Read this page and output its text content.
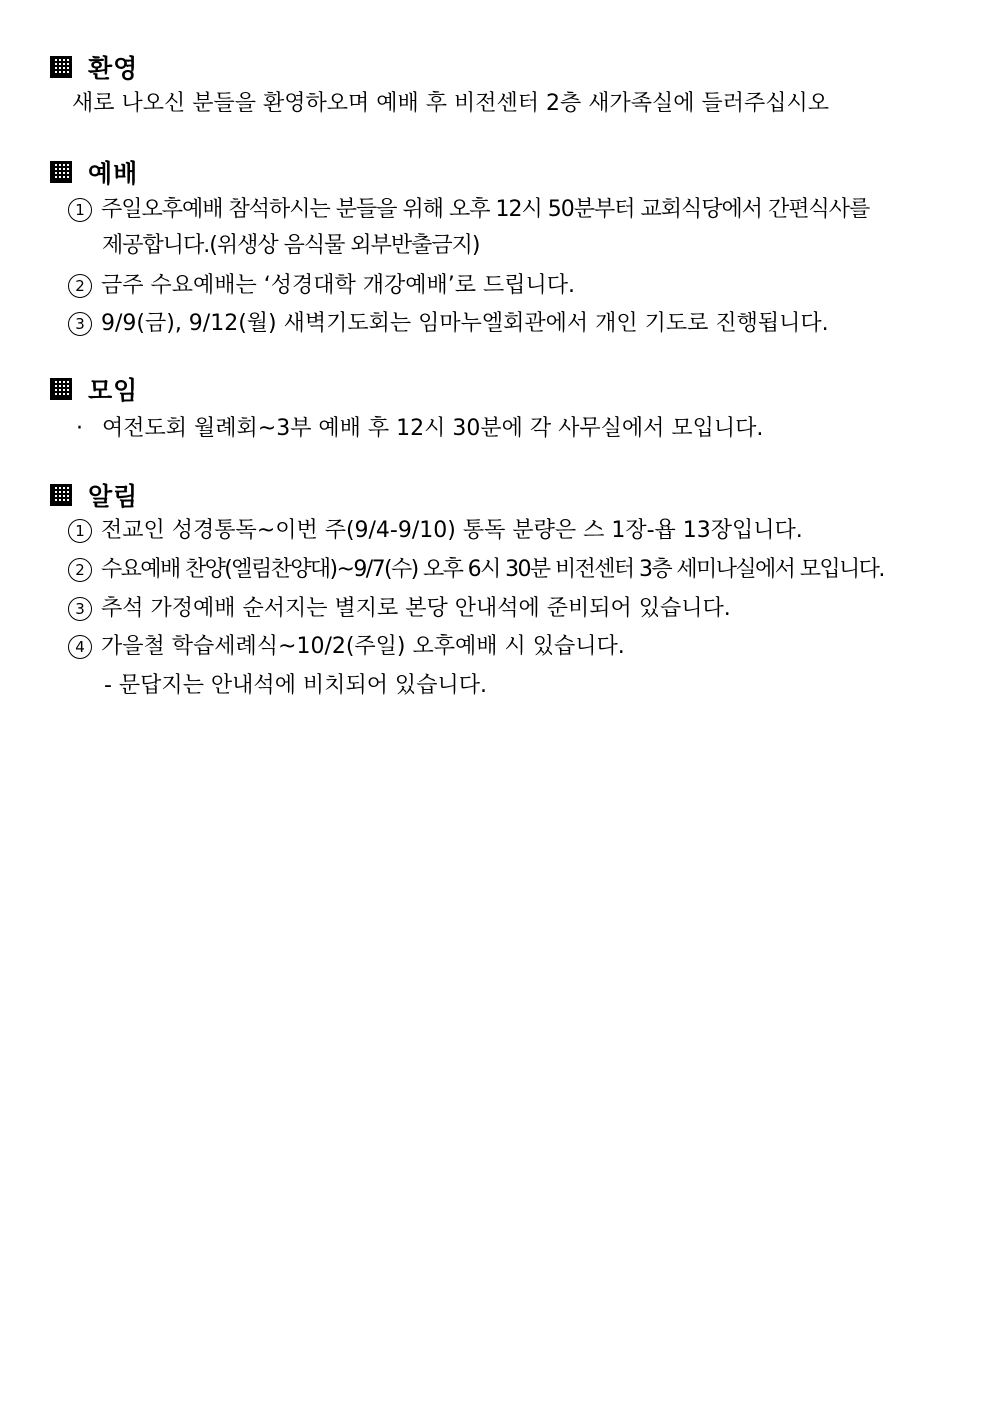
환영
새로 나오신 분들을 환영하오며 예배 후 비전센터 2층 새가족실에 들러주십시오
예배
1 주일오후예배 참석하시는 분들을 위해 오후 12시 50분부터 교회식당에서 간편식사를
제공합니다.(위생상 음식물 외부반출금지)
2 금주 수요예배는 ‘성경대학 개강예배’로 드립니다.
3 9/9(금), 9/12(월) 새벽기도회는 임마누엘회관에서 개인 기도로 진행됩니다.
모임
· 여전도회 월례회~3부 예배 후 12시 30분에 각 사무실에서 모입니다.
알림
1 전교인 성경통독~이번 주(9/4-9/10) 통독 분량은 스 1장-욥 13장입니다.
2 수요예배 찬양(엘림찬양대)~9/7(수) 오후 6시 30분 비전센터 3층 세미나실에서 모입니다.
3 추석 가정예배 순서지는 별지로 본당 안내석에 준비되어 있습니다.
4 가을철 학습세례식~10/2(주일) 오후예배 시 있습니다.
- 문답지는 안내석에 비치되어 있습니다.
